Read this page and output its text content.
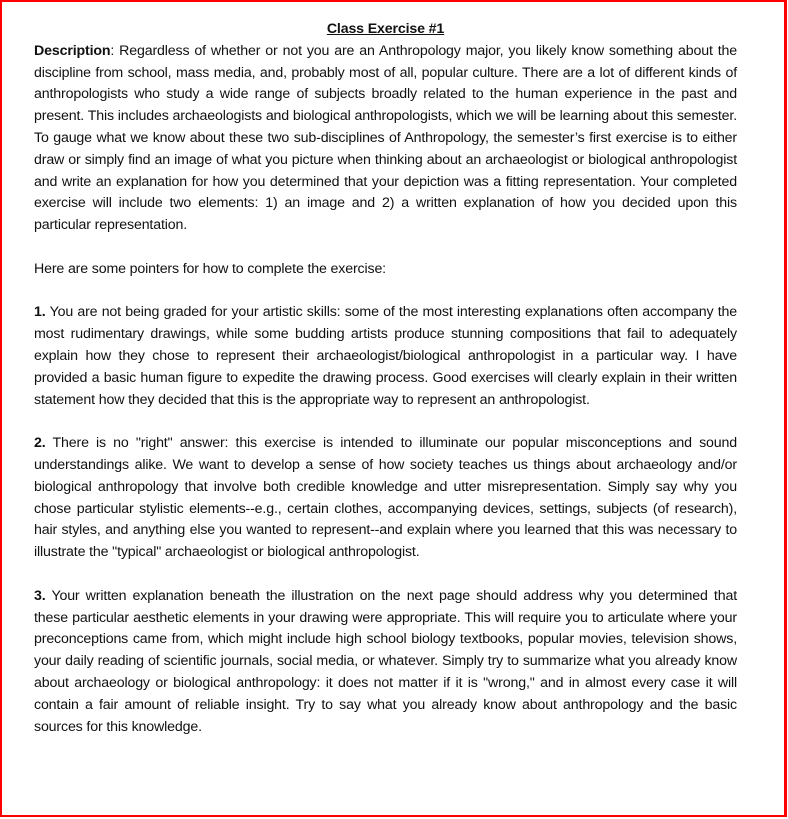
Class Exercise #1

Description: Regardless of whether or not you are an Anthropology major, you likely know something about the discipline from school, mass media, and, probably most of all, popular culture. There are a lot of different kinds of anthropologists who study a wide range of subjects broadly related to the human experience in the past and present. This includes archaeologists and biological anthropologists, which we will be learning about this semester. To gauge what we know about these two sub-disciplines of Anthropology, the semester’s first exercise is to either draw or simply find an image of what you picture when thinking about an archaeologist or biological anthropologist and write an explanation for how you determined that your depiction was a fitting representation. Your completed exercise will include two elements: 1) an image and 2) a written explanation of how you decided upon this particular representation.

Here are some pointers for how to complete the exercise:

1. You are not being graded for your artistic skills: some of the most interesting explanations often accompany the most rudimentary drawings, while some budding artists produce stunning compositions that fail to adequately explain how they chose to represent their archaeologist/biological anthropologist in a particular way. I have provided a basic human figure to expedite the drawing process. Good exercises will clearly explain in their written statement how they decided that this is the appropriate way to represent an anthropologist.

2. There is no "right" answer: this exercise is intended to illuminate our popular misconceptions and sound understandings alike. We want to develop a sense of how society teaches us things about archaeology and/or biological anthropology that involve both credible knowledge and utter misrepresentation. Simply say why you chose particular stylistic elements--e.g., certain clothes, accompanying devices, settings, subjects (of research), hair styles, and anything else you wanted to represent--and explain where you learned that this was necessary to illustrate the "typical" archaeologist or biological anthropologist.

3. Your written explanation beneath the illustration on the next page should address why you determined that these particular aesthetic elements in your drawing were appropriate. This will require you to articulate where your preconceptions came from, which might include high school biology textbooks, popular movies, television shows, your daily reading of scientific journals, social media, or whatever. Simply try to summarize what you already know about archaeology or biological anthropology: it does not matter if it is "wrong," and in almost every case it will contain a fair amount of reliable insight. Try to say what you already know about anthropology and the basic sources for this knowledge.
